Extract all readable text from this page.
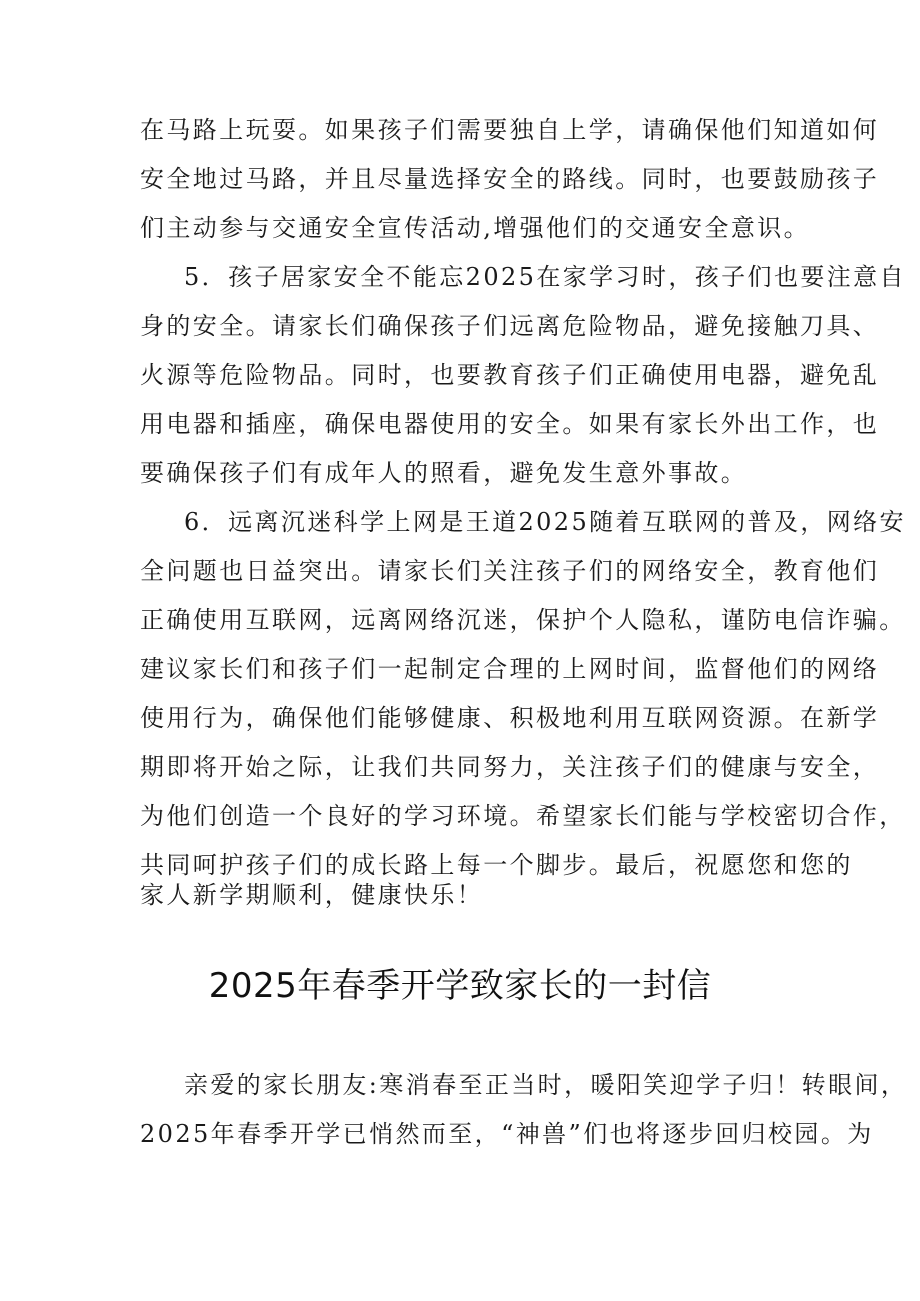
在马路上玩耍。如果孩子们需要独自上学，请确保他们知道如何
安全地过马路，并且尽量选择安全的路线。同时，也要鼓励孩子
们主动参与交通安全宣传活动,增强他们的交通安全意识。
5．孩子居家安全不能忘2025在家学习时，孩子们也要注意自
身的安全。请家长们确保孩子们远离危险物品，避免接触刀具、
火源等危险物品。同时，也要教育孩子们正确使用电器，避免乱
用电器和插座，确保电器使用的安全。如果有家长外出工作，也
要确保孩子们有成年人的照看，避免发生意外事故。
6．远离沉迷科学上网是王道2025随着互联网的普及，网络安
全问题也日益突出。请家长们关注孩子们的网络安全，教育他们
正确使用互联网，远离网络沉迷，保护个人隐私，谨防电信诈骗。
建议家长们和孩子们一起制定合理的上网时间，监督他们的网络
使用行为，确保他们能够健康、积极地利用互联网资源。在新学
期即将开始之际，让我们共同努力，关注孩子们的健康与安全，
为他们创造一个良好的学习环境。希望家长们能与学校密切合作，
共同呵护孩子们的成长路上每一个脚步。最后，祝愿您和您的
家人新学期顺利，健康快乐！
2025年春季开学致家长的一封信
亲爱的家长朋友:寒消春至正当时，暖阳笑迎学子归！转眼间，
2025年春季开学已悄然而至，“神兽”们也将逐步回归校园。为
